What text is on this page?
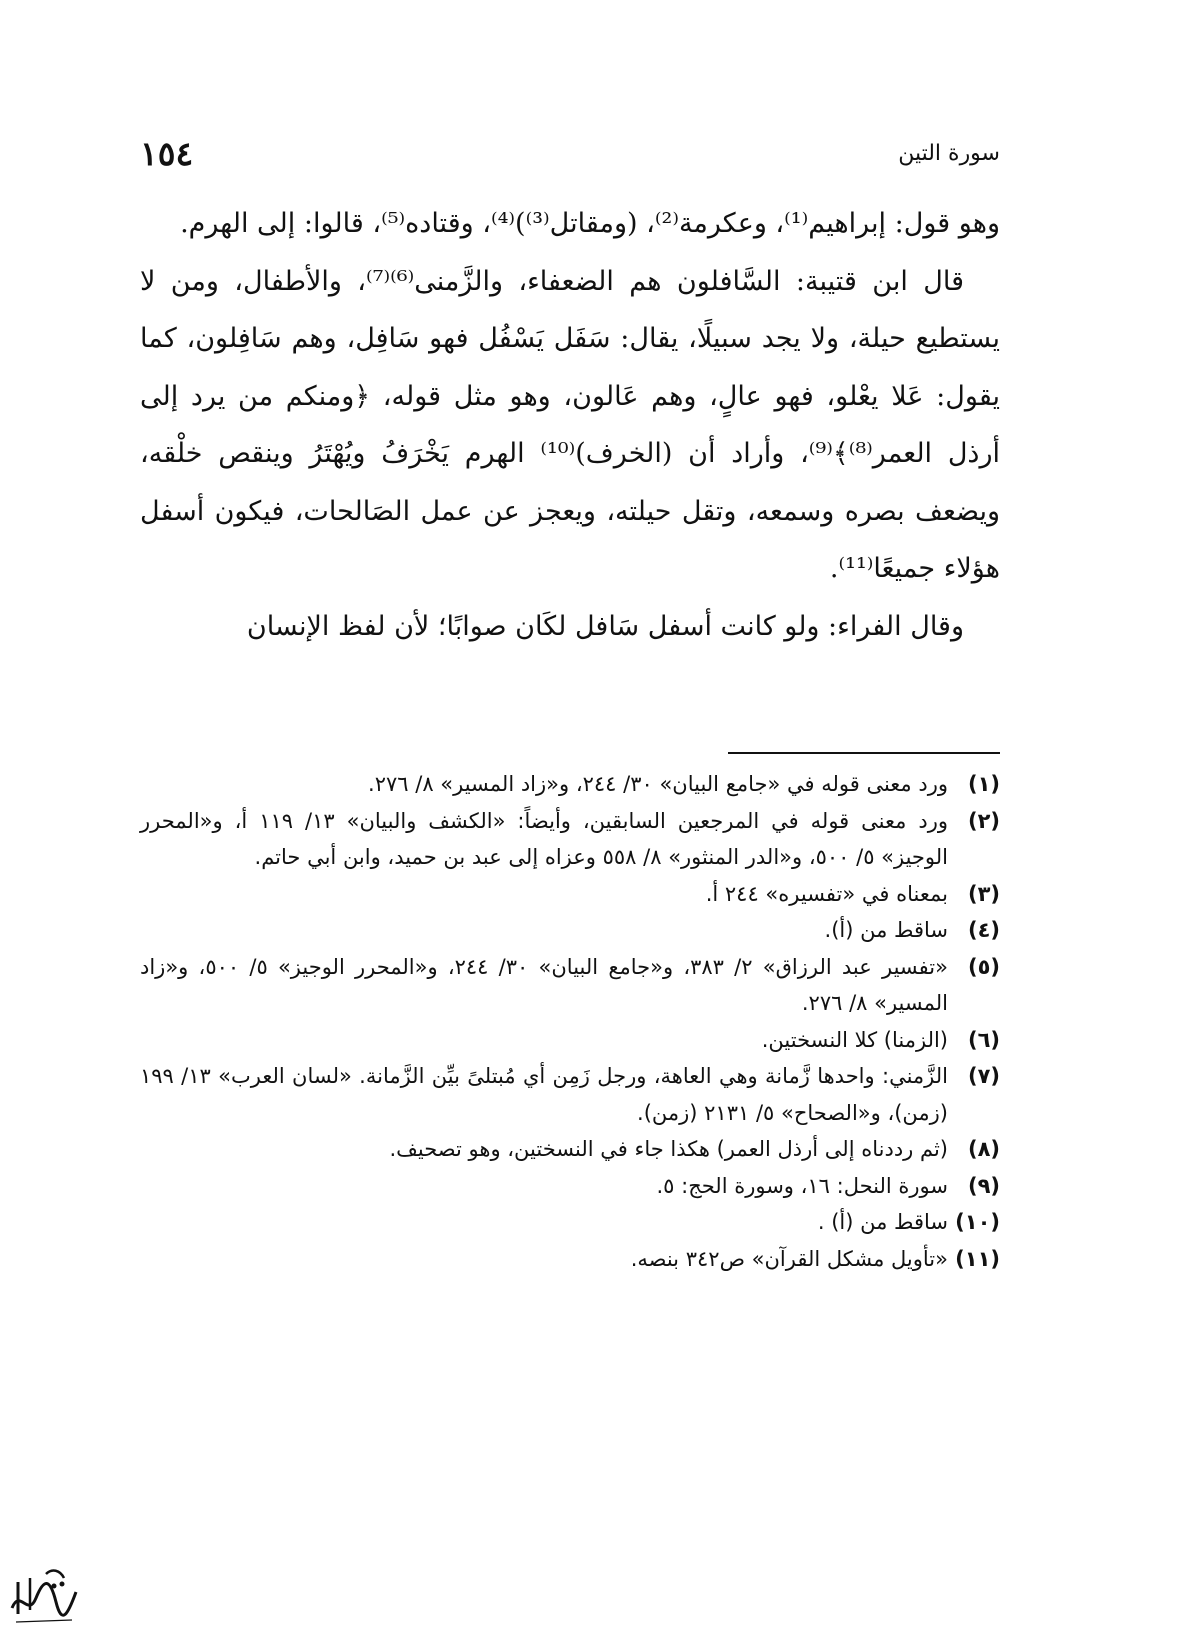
١٥٤	سورة التين

وهو قول: إبراهيم⁽¹⁾، وعكرمة⁽²⁾، (ومقاتل⁽³⁾)⁽⁴⁾، وقتاده⁽⁵⁾، قالوا: إلى الهرم.

قال ابن قتيبة: السَّافلون هم الضعفاء، والزَّمنى⁽⁶⁾⁽⁷⁾، والأطفال، ومن لا يستطيع حيلة، ولا يجد سبيلًا، يقال: سَفَل يَسْفُل فهو سَافِل، وهم سَافِلون، كما يقول: عَلا يعْلو، فهو عالٍ، وهم عَالون، وهو مثل قوله، ﴿ومنكم من يرد إلى أرذل العمر⁽⁸⁾﴾⁽⁹⁾، وأراد أن (الخرف)⁽¹⁰⁾ الهرم يَخْرَفُ ويُهْتَرُ وينقص خلْقه، ويضعف بصره وسمعه، وتقل حيلته، ويعجز عن عمل الصَالحات، فيكون أسفل هؤلاء جميعًا⁽¹¹⁾.

وقال الفراء: ولو كانت أسفل سَافل لكَان صوابًا؛ لأن لفظ الإنسان

(١)
ورد معنى قوله في «جامع البيان» ٣٠/ ٢٤٤، و«زاد المسير» ٨/ ٢٧٦.
(٢)
ورد معنى قوله في المرجعين السابقين، وأيضاً: «الكشف والبيان» ١٣/ ١١٩ أ، و«المحرر الوجيز» ٥/ ٥٠٠، و«الدر المنثور» ٨/ ٥٥٨ وعزاه إلى عبد بن حميد، وابن أبي حاتم.
(٣)
بمعناه في «تفسيره» ٢٤٤ أ.
(٤)
ساقط من (أ).
(٥)
«تفسير عبد الرزاق» ٢/ ٣٨٣، و«جامع البيان» ٣٠/ ٢٤٤، و«المحرر الوجيز» ٥/ ٥٠٠، و«زاد المسير» ٨/ ٢٧٦.
(٦)
(الزمنا) كلا النسختين.
(٧)
الزَّمني: واحدها زَّمانة وهي العاهة، ورجل زَمِن أي مُبتلىً بيِّن الزَّمانة. «لسان العرب» ١٣/ ١٩٩ (زمن)، و«الصحاح» ٥/ ٢١٣١ (زمن).
(٨)
(ثم رددناه إلى أرذل العمر) هكذا جاء في النسختين، وهو تصحيف.
(٩)
سورة النحل: ١٦، وسورة الحج: ٥.
(١٠)
ساقط من (أ) .
(١١)
«تأويل مشكل القرآن» ص٣٤٢ بنصه.
